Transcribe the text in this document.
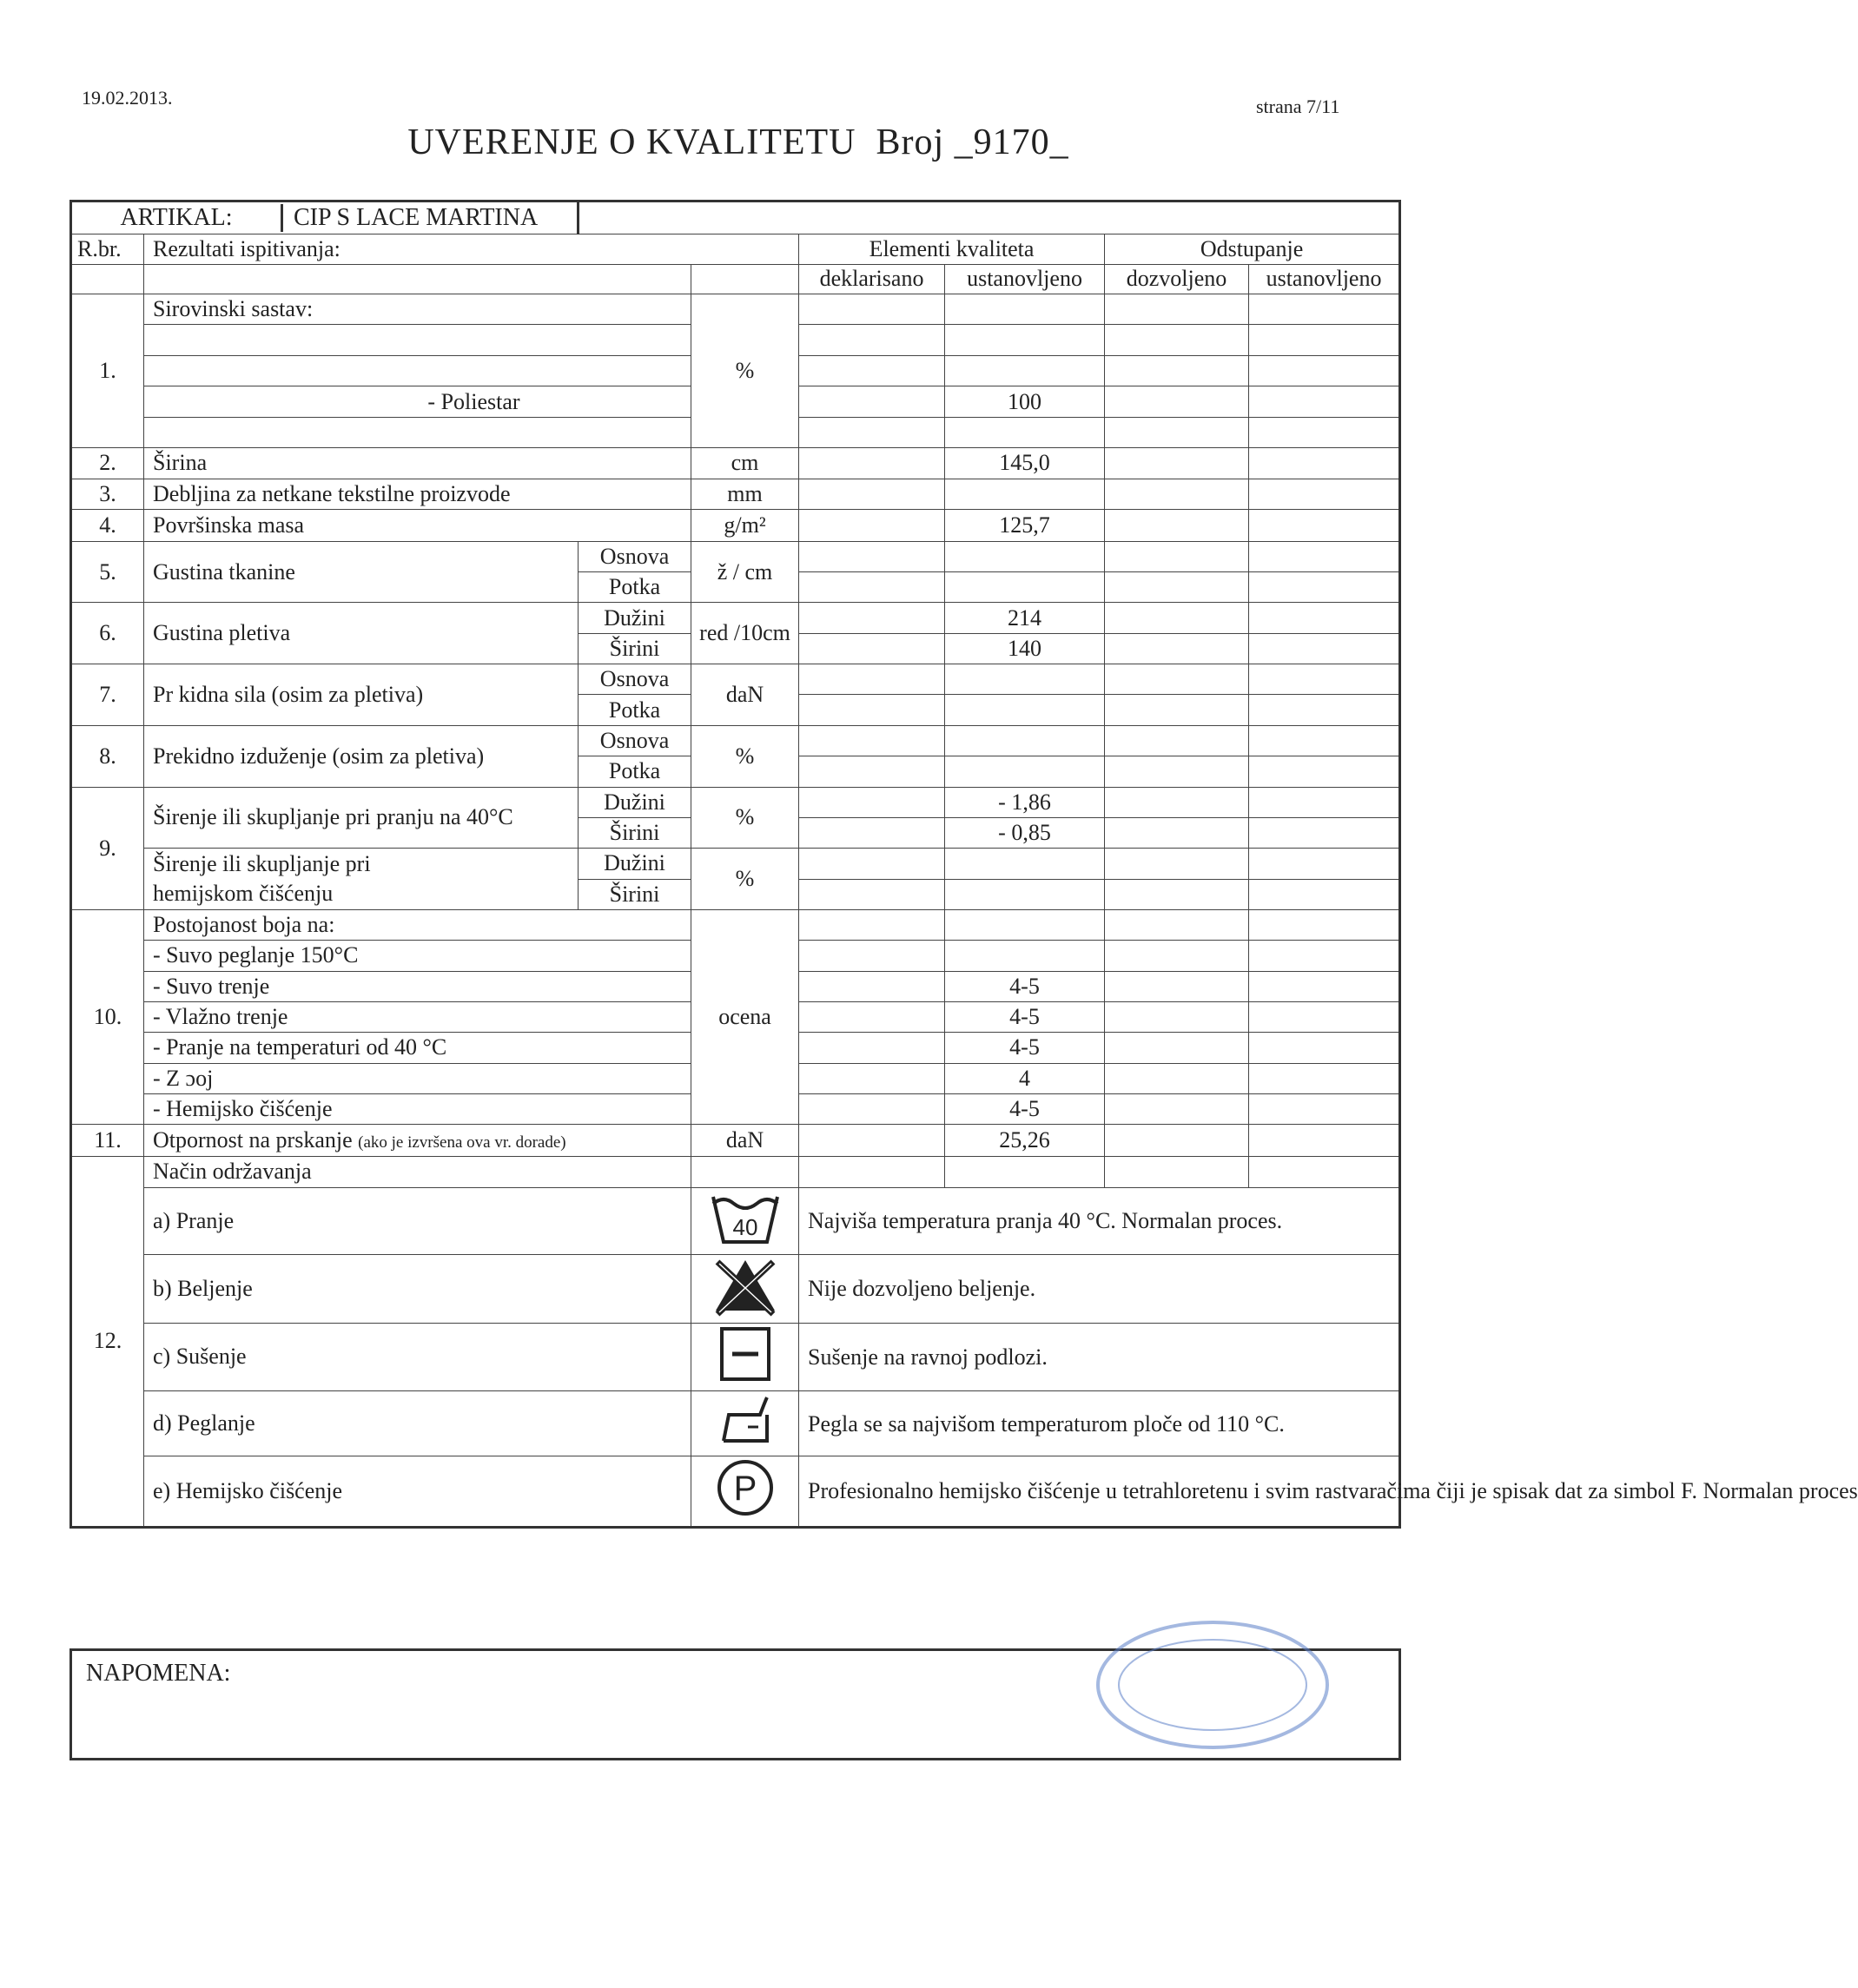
19.02.2013.	strana 7/11
UVERENJE O KVALITETU Broj _9170_
ARTIKAL: CIP S LACE MARTINA							

R.br.	Rezultati ispitivanja:			Elementi kvaliteta		Odstupanje	
				deklarisano	ustanovljeno	dozvoljeno	ustanovljeno
1.	Sirovinski sastav:		%				

	- Poliestar				100		

2.	Širina		cm		145,0		
3.	Debljina za netkane tekstilne proizvode		mm				
4.	Površinska masa		g/m²		125,7		
5.	Gustina tkanine	Osnova	ž / cm				
		Potka					
6.	Gustina pletiva	Dužini	red /10cm		214		
		Širini			140		
7.	Pr kidna sila (osim za pletiva)	Osnova	daN				
		Potka					
8.	Prekidno izduženje (osim za pletiva)	Osnova	%				
		Potka					
9.	Širenje ili skupljanje pri pranju na 40°C	Dužini	%		- 1,86		
		Širini			- 0,85		
	Širenje ili skupljanje pri	Dužini	%				
	hemijskom čišćenju	Širini					
10.	Postojanost boja na:		ocena				
	- Suvo peglanje 150°C						
	- Suvo trenje				4-5		
	- Vlažno trenje				4-5		
	- Pranje na temperaturi od 40 °C				4-5		
	- Z ɔoj				4		
	- Hemijsko čišćenje				4-5		
11.	Otpornost na prskanje (ako je izvršena ova vr. dorade)		daN		25,26		
12.	Način održavanja						
	a) Pranje		40	Najviša temperatura pranja 40 °C. Normalan proces.			
	b) Beljenje			Nije dozvoljeno beljenje.			
	c) Sušenje			Sušenje na ravnoj podlozi.			
	d) Peglanje			Pegla se sa najvišom temperaturom ploče od 110 °C.			
	e) Hemijsko čišćenje		P	Profesionalno hemijsko čišćenje u tetrahloretenu i svim rastvaračima čiji je spisak dat za simbol F. Normalan proces			
NAPOMENA:
